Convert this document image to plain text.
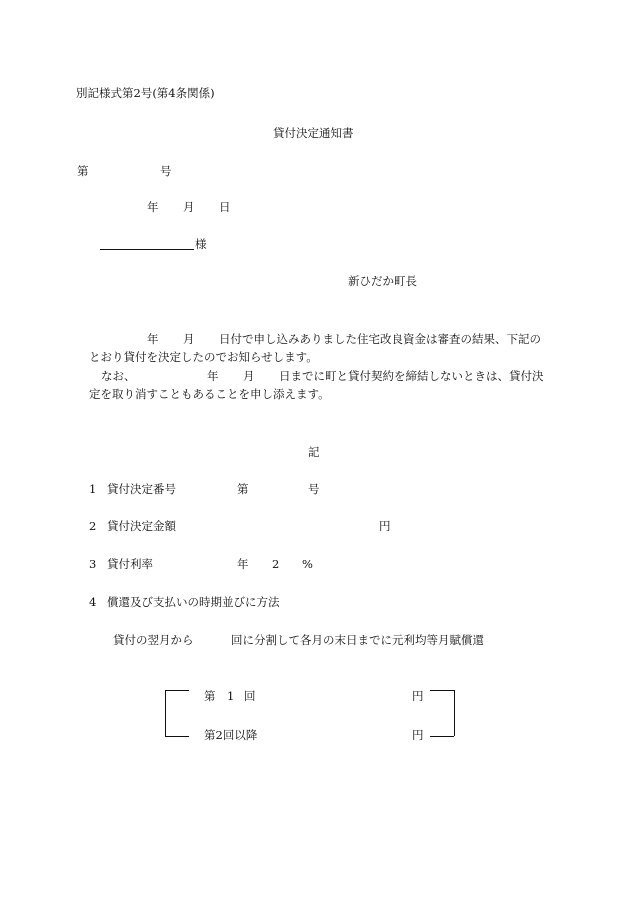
別記様式第2号(第4条関係)
貸付決定通知書
第	号
年 月 日
様
新ひだか町長
年 月 日付で申し込みありました住宅改良資金は審査の結果、下記の
とおり貸付を決定したのでお知らせします。
なお、	年 月 日までに町と貸付契約を締結しないときは、貸付決
定を取り消すこともあることを申し添えます。
記
1 貸付決定番号	第	号
2 貸付決定金額	円
3 貸付利率	年 2 %
4 償還及び支払いの時期並びに方法
貸付の翌月から	回に分割して各月の末日までに元利均等月賦償還
第 1 回	円
第2回以降	円
